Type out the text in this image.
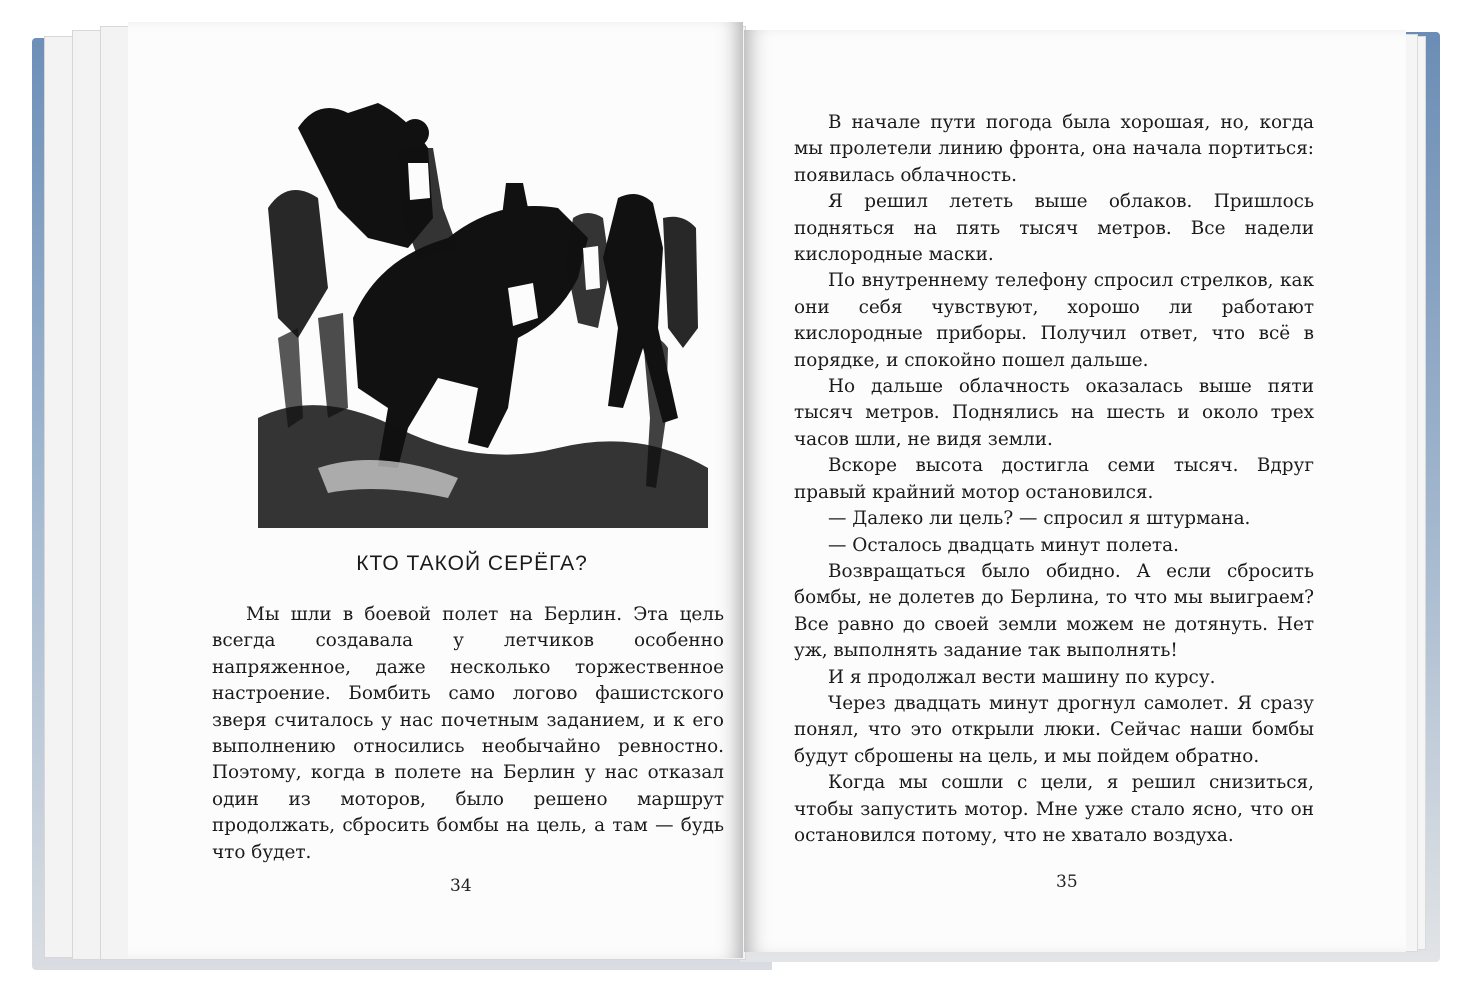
КТО ТАКОЙ СЕРЁГА?

Мы шли в боевой полет на Берлин. Эта цель всегда создавала у летчиков особенно напряженное, даже несколько торжественное настроение. Бомбить само логово фашистского зверя считалось у нас почетным заданием, и к его выполнению относились необычайно ревностно. Поэтому, когда в полете на Берлин у нас отказал один из моторов, было решено маршрут продолжать, сбросить бомбы на цель, а там — будь что будет.

34

В начале пути погода была хорошая, но, когда мы пролетели линию фронта, она начала портиться: появилась облачность.

Я решил лететь выше облаков. Пришлось подняться на пять тысяч метров. Все надели кислородные маски.

По внутреннему телефону спросил стрелков, как они себя чувствуют, хорошо ли работают кислородные приборы. Получил ответ, что всё в порядке, и спокойно пошел дальше.

Но дальше облачность оказалась выше пяти тысяч метров. Поднялись на шесть и около трех часов шли, не видя земли.

Вскоре высота достигла семи тысяч. Вдруг правый крайний мотор остановился.

— Далеко ли цель? — спросил я штурмана.

— Осталось двадцать минут полета.

Возвращаться было обидно. А если сбросить бомбы, не долетев до Берлина, то что мы выиграем? Все равно до своей земли можем не дотянуть. Нет уж, выполнять задание так выполнять!

И я продолжал вести машину по курсу.

Через двадцать минут дрогнул самолет. Я сразу понял, что это открыли люки. Сейчас наши бомбы будут сброшены на цель, и мы пойдем обратно.

Когда мы сошли с цели, я решил снизиться, чтобы запустить мотор. Мне уже стало ясно, что он остановился потому, что не хватало воздуха.

35
